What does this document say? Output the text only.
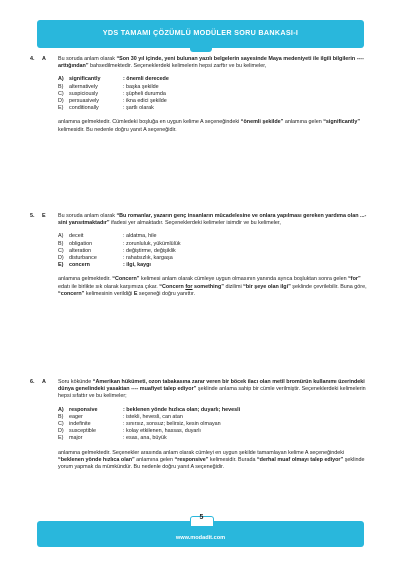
YDS TAMAMI ÇÖZÜMLÜ MODÜLER SORU BANKASI-I
4. A Bu soruda anlam olarak “Son 30 yıl içinde, yeni bulunan yazılı belgelerin sayesinde Maya medeniyeti ile ilgili bilgilerin ---- arttığından” bahsedilmektedir. Seçeneklerdeki kelimelerin hepsi zarftır ve bu kelimeler,

A) significantly	: önemli derecede
B)	alternatively	: başka şekilde
C) suspiciously	: şüpheli durumda
D) persuasively	: ikna edici şekilde
E)	conditionally	: şartlı olarak

anlamına gelmektedir. Cümledeki boşluğa en uygun kelime A seçeneğindeki “önemli şekilde” anlamına gelen “significantly” kelimesidir. Bu nedenle doğru yanıt A seçeneğidir.

5. E Bu soruda anlam olarak “Bu romanlar, yazarın genç insanların mücadelesine ve onlara yapılması gereken yardıma olan ...-sini yansıtmaktadır” ifadesi yer almaktadır. Seçeneklerdeki kelimeler isimdir ve bu kelimeler,

A)	deceit	: aldatma, hile
B)	obligation	: zorunluluk, yükümlülük
C) alteration	: değiştirme, değişiklik
D) disturbance	: rahatsızlık, kargaşa
E)	concern	: ilgi, kaygı

anlamına gelmektedir. “Concern” kelimesi anlam olarak cümleye uygun olmasının yanında ayrıca boşluktan sonra gelen “for” edatı ile birlikte sık olarak karşımıza çıkar. “Concern for something” dizilimi “bir şeye olan ilgi” şeklinde çevrilebilir. Buna göre, “concern” kelimesinin verildiği E seçeneği doğru yanıttır.

6. A Soru kökünde “Amerikan hükümeti, ozon tabakasına zarar veren bir böcek ilacı olan metil bromürün kullanımı üzerindeki dünya genelindeki yasaktan ---- muafiyet talep ediyor” şeklinde anlama sahip bir cümle verilmiştir. Seçeneklerdeki kelimelerin hepsi sıfattır ve bu kelimeler;

A) responsive	: beklenen yönde hızlıca olan; duyarlı; hevesli
B)	eager	: istekli, hevesli, can atan
C) indefinite	: sınırsız, sonsuz; belirsiz, kesin olmayan
D) susceptible	: kolay etkilenen, hassas, duyarlı
E)	major	: esas, ana, büyük

anlamına gelmektedir. Seçenekler arasında anlam olarak cümleyi en uygun şekilde tamamlayan kelime A seçeneğindeki “beklenen yönde hızlıca olan” anlamına gelen “responsive” kelimesidir. Burada “derhal muaf olmayı talep ediyor” şeklinde yorum yapmak da mümkündür. Bu nedenle doğru yanıt A seçeneğidir.

5
www.modadit.com
